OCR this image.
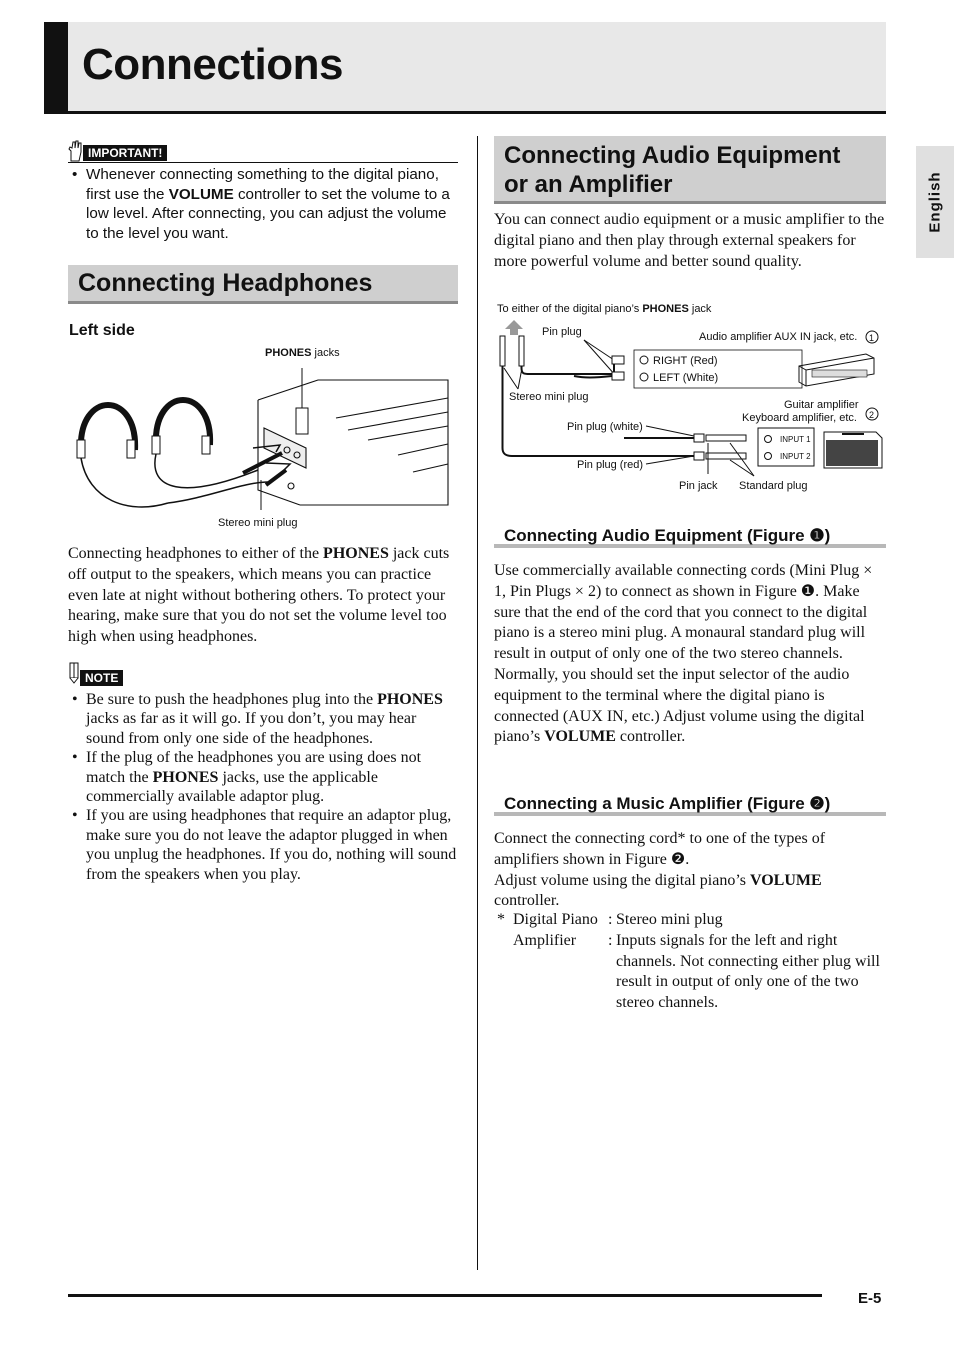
Connections
English
IMPORTANT!
• Whenever connecting something to the digital piano, first use the VOLUME controller to set the volume to a low level. After connecting, you can adjust the volume to the level you want.
Connecting Headphones
Left side
PHONES jacks
Stereo mini plug

Connecting headphones to either of the PHONES jack cuts off output to the speakers, which means you can practice even late at night without bothering others. To protect your hearing, make sure that you do not set the volume level too high when using headphones.

NOTE
• Be sure to push the headphones plug into the PHONES jacks as far as it will go. If you don’t, you may hear sound from only one side of the headphones.
• If the plug of the headphones you are using does not match the PHONES jacks, use the applicable commercially available adaptor plug.
• If you are using headphones that require an adaptor plug, make sure you do not leave the adaptor plugged in when you unplug the headphones. If you do, nothing will sound from the speakers when you play.
Connecting Audio Equipment
or an Amplifier

You can connect audio equipment or a music amplifier to the digital piano and then play through external speakers for more powerful volume and better sound quality.

To either of the digital piano’s PHONES jack
Pin plug
RIGHT (Red)
LEFT (White)
Audio amplifier AUX IN jack, etc. 1
Stereo mini plug
Guitar amplifier
Keyboard amplifier, etc. 2
INPUT 1
INPUT 2
Pin plug (white)
Pin plug (red)
Pin jack Standard plug
Connecting Audio Equipment (Figure ❶)

Use commercially available connecting cords (Mini Plug × 1, Pin Plugs × 2) to connect as shown in Figure ❶. Make sure that the end of the cord that you connect to the digital piano is a stereo mini plug. A monaural standard plug will result in output of only one of the two stereo channels. Normally, you should set the input selector of the audio equipment to the terminal where the digital piano is connected (AUX IN, etc.) Adjust volume using the digital piano’s VOLUME controller.

Connecting a Music Amplifier (Figure ❷)

Connect the connecting cord* to one of the types of amplifiers shown in Figure ❷.
Adjust volume using the digital piano’s VOLUME controller.

* Digital Piano : Stereo mini plug
Amplifier : Inputs signals for the left and right channels. Not connecting either plug will result in output of only one of the two stereo channels.
E-5
